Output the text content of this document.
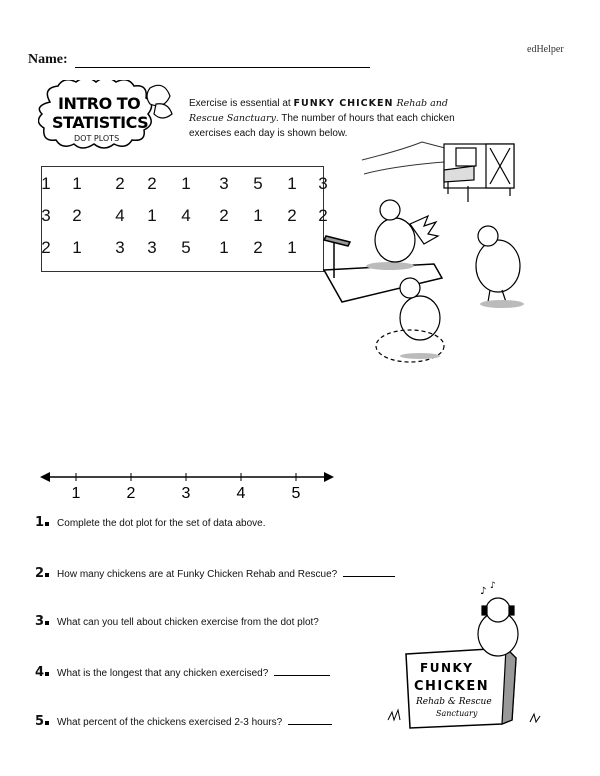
edHelper
Name:
INTRO TO
STATISTICS
DOT PLOTS
Exercise is essential at FUNKY CHICKEN Rehab and Rescue Sanctuary. The number of hours that each chicken exercises each day is shown below.
1	1	2	2	1	3	5	1	3
3	2	4	1	4	2	1	2	2
2	1	3	3	5	1	2	1
1	2	3	4	5
1	Complete the dot plot for the set of data above.
2	How many chickens are at Funky Chicken Rehab and Rescue?
3	What can you tell about chicken exercise from the dot plot?
4	What is the longest that any chicken exercised?
5	What percent of the chickens exercised 2-3 hours?
FUNKY
CHICKEN
Rehab & Rescue
Sanctuary
♪ ♪
